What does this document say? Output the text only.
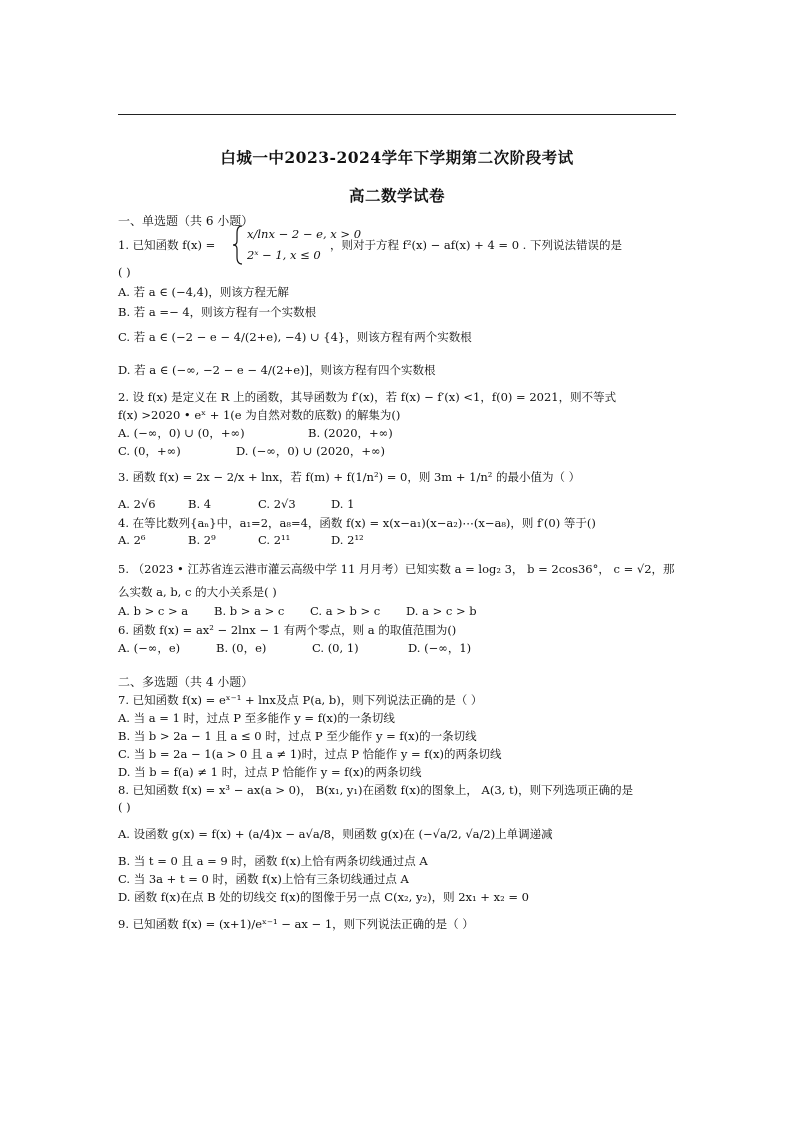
白城一中2023-2024学年下学期第二次阶段考试
高二数学试卷
一、单选题（共 6 小题）
1. 已知函数 f(x) =
x/lnx − 2 − e, x > 0
2ˣ − 1, x ≤ 0
，则对于方程 f²(x) − af(x) + 4 = 0 . 下列说法错误的是
( )
A. 若 a ∈ (−4,4)，则该方程无解
B. 若 a =− 4，则该方程有一个实数根
C. 若 a ∈ (−2 − e − 4/(2+e), −4) ∪ {4}，则该方程有两个实数根
D. 若 a ∈ (−∞, −2 − e − 4/(2+e)]，则该方程有四个实数根
2. 设 f(x) 是定义在 R 上的函数，其导函数为 f′(x)，若 f(x) − f′(x) <1，f(0) = 2021，则不等式
f(x) >2020 • eˣ + 1(e 为自然对数的底数) 的解集为()
A. (−∞，0) ∪ (0，+∞)	B. (2020，+∞)
C. (0，+∞)	D. (−∞，0) ∪ (2020，+∞)
3. 函数 f(x) = 2x − 2/x + lnx，若 f(m) + f(1/n²) = 0，则 3m + 1/n² 的最小值为（ ）
A. 2√6	B. 4	C. 2√3	D. 1
4. 在等比数列{aₙ}中，a₁=2，a₈=4，函数 f(x) = x(x−a₁)(x−a₂)⋯(x−a₈)，则 f′(0) 等于()
A. 2⁶	B. 2⁹	C. 2¹¹	D. 2¹²
5. （2023 • 江苏省连云港市灌云高级中学 11 月月考）已知实数 a = log₂ 3， b = 2cos36°， c = √2，那
么实数 a, b, c 的大小关系是( )
A. b > c > a B. b > a > c C. a > b > c D. a > c > b
6. 函数 f(x) = ax² − 2lnx − 1 有两个零点，则 a 的取值范围为()
A. (−∞，e)	B. (0，e)	C. (0, 1)	D. (−∞，1)
二、多选题（共 4 小题）
7. 已知函数 f(x) = eˣ⁻¹ + lnx及点 P(a, b)，则下列说法正确的是（ ）
A. 当 a = 1 时，过点 P 至多能作 y = f(x)的一条切线
B. 当 b > 2a − 1 且 a ≤ 0 时，过点 P 至少能作 y = f(x)的一条切线
C. 当 b = 2a − 1(a > 0 且 a ≠ 1)时，过点 P 恰能作 y = f(x)的两条切线
D. 当 b = f(a) ≠ 1 时，过点 P 恰能作 y = f(x)的两条切线
8. 已知函数 f(x) = x³ − ax(a > 0)， B(x₁, y₁)在函数 f(x)的图象上， A(3, t)，则下列选项正确的是
( )
A. 设函数 g(x) = f(x) + (a/4)x − a√a/8，则函数 g(x)在 (−√a/2, √a/2)上单调递减
B. 当 t = 0 且 a = 9 时，函数 f(x)上恰有两条切线通过点 A
C. 当 3a + t = 0 时，函数 f(x)上恰有三条切线通过点 A
D. 函数 f(x)在点 B 处的切线交 f(x)的图像于另一点 C(x₂, y₂)，则 2x₁ + x₂ = 0
9. 已知函数 f(x) = (x+1)/eˣ⁻¹ − ax − 1，则下列说法正确的是（ ）
